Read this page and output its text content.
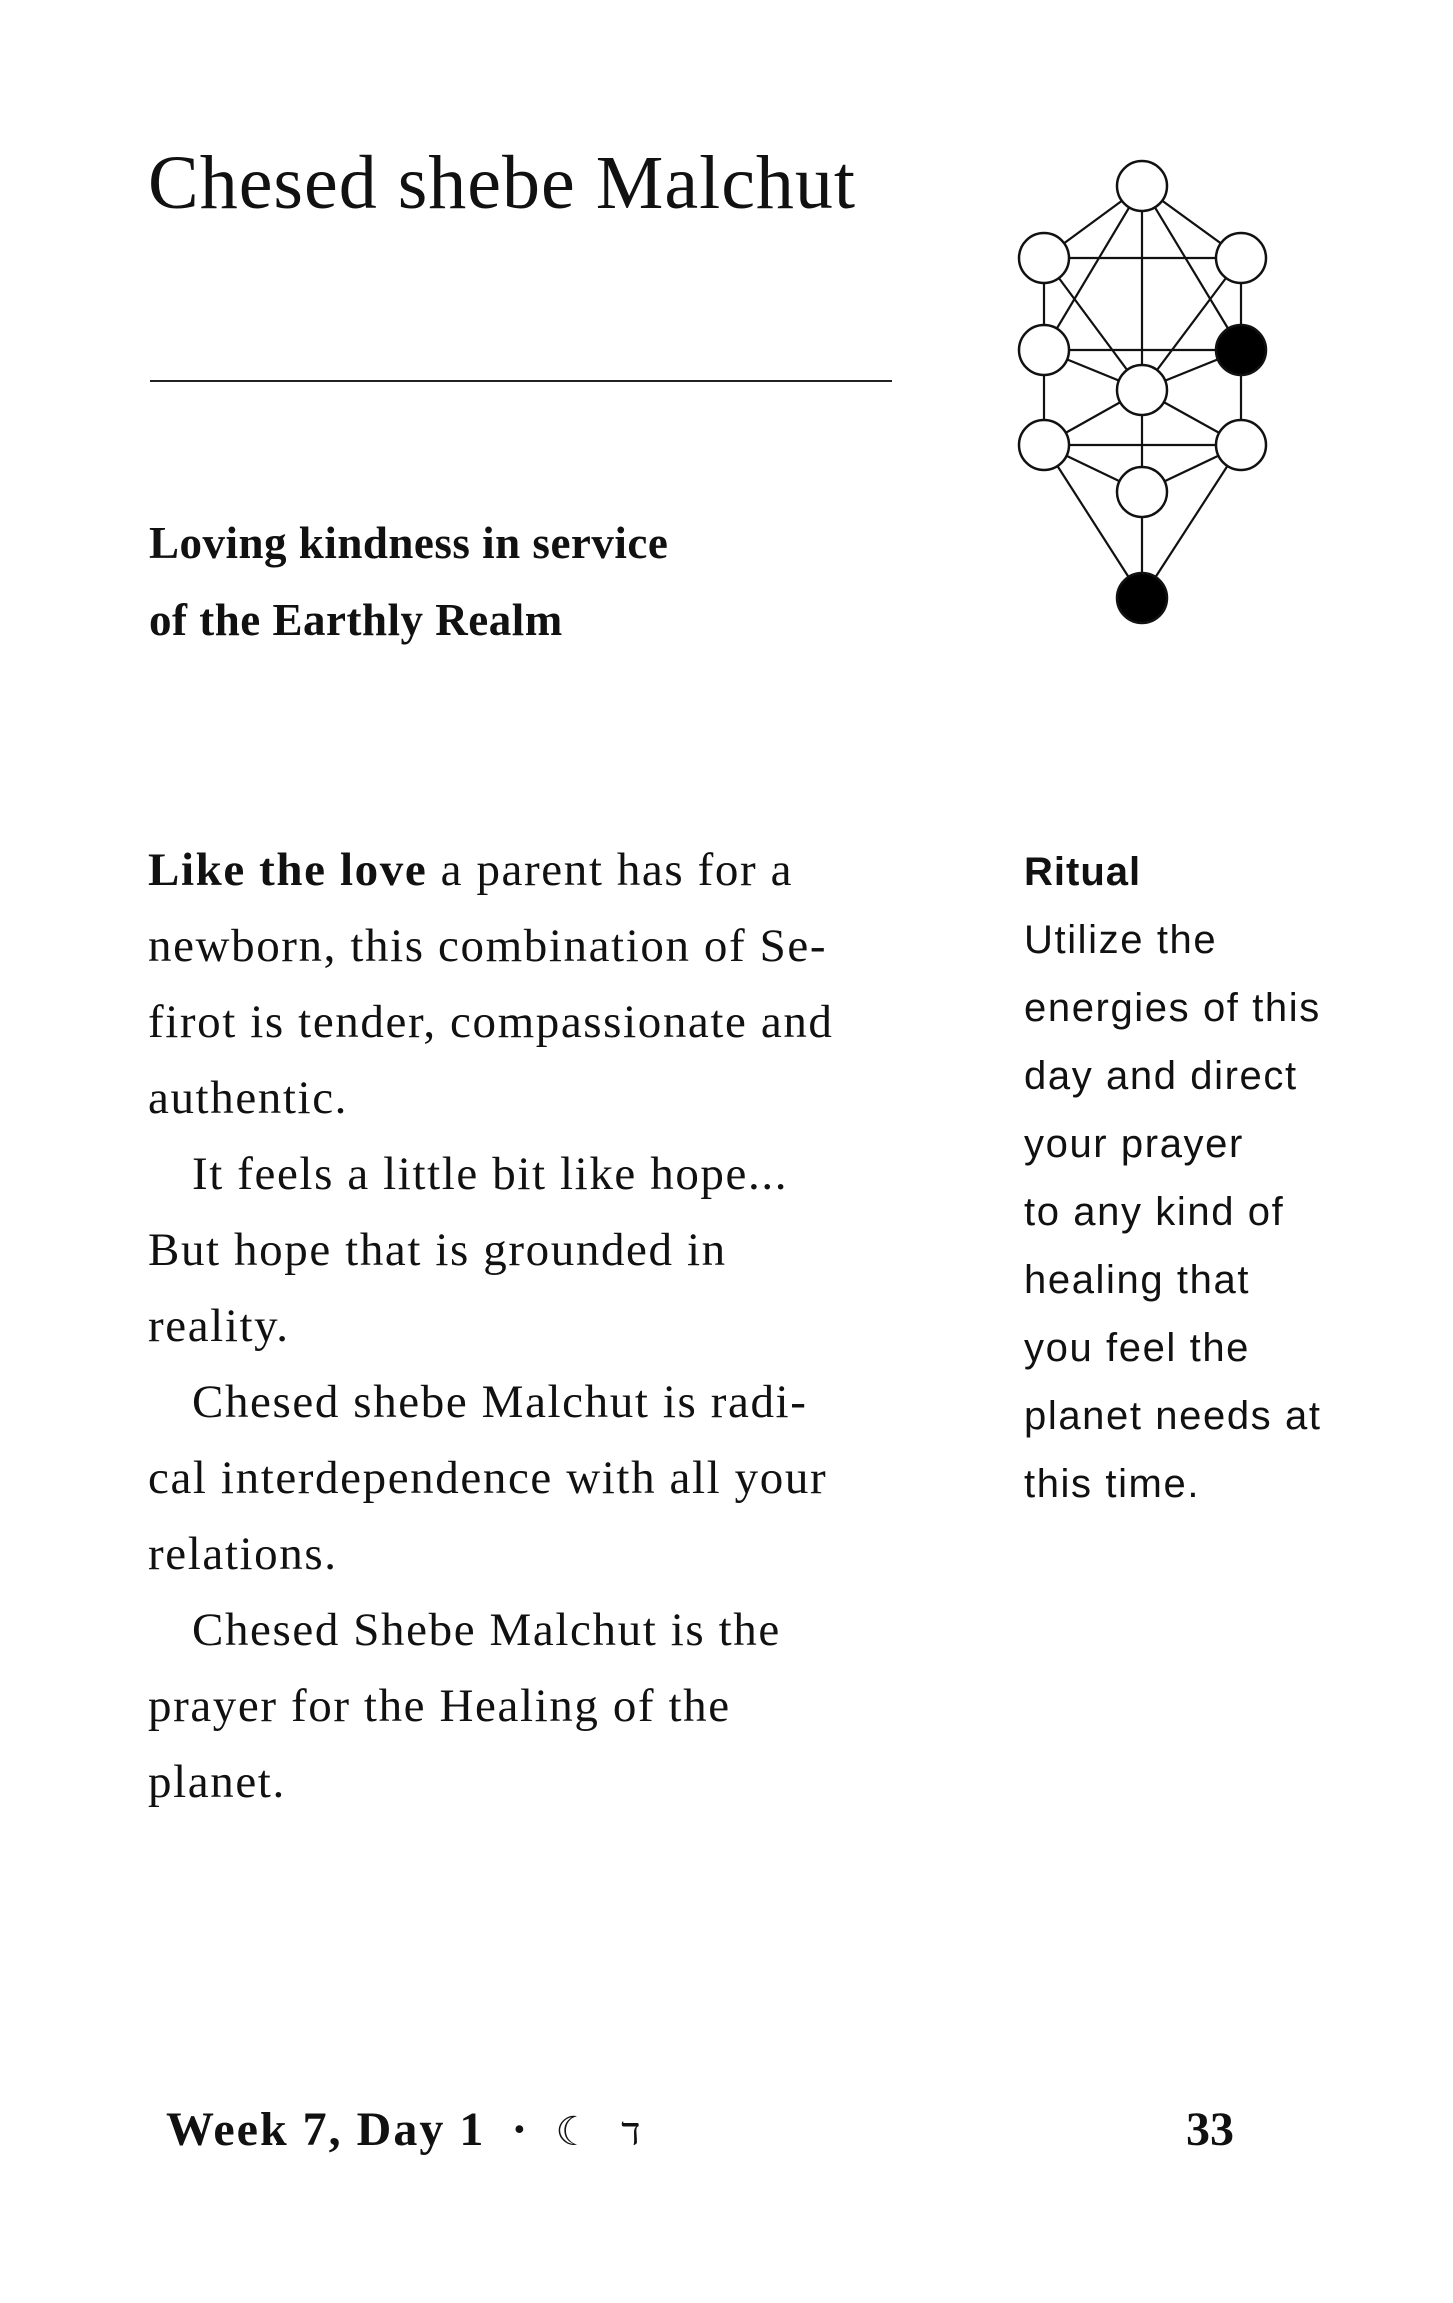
Chesed shebe Malchut
Loving kindness in service
of the Earthly Realm
Like the love a parent has for a
newborn, this combination of Se-
firot is tender, compassionate and
authentic.
It feels a little bit like hope...
But hope that is grounded in
reality.
Chesed shebe Malchut is radi-
cal interdependence with all your
relations.
Chesed Shebe Malchut is the
prayer for the Healing of the
planet.
Ritual
Utilize the
energies of this
day and direct
your prayer
to any kind of
healing that
you feel the
planet needs at
this time.
Week 7, Day 1 · ☾ ד	33
